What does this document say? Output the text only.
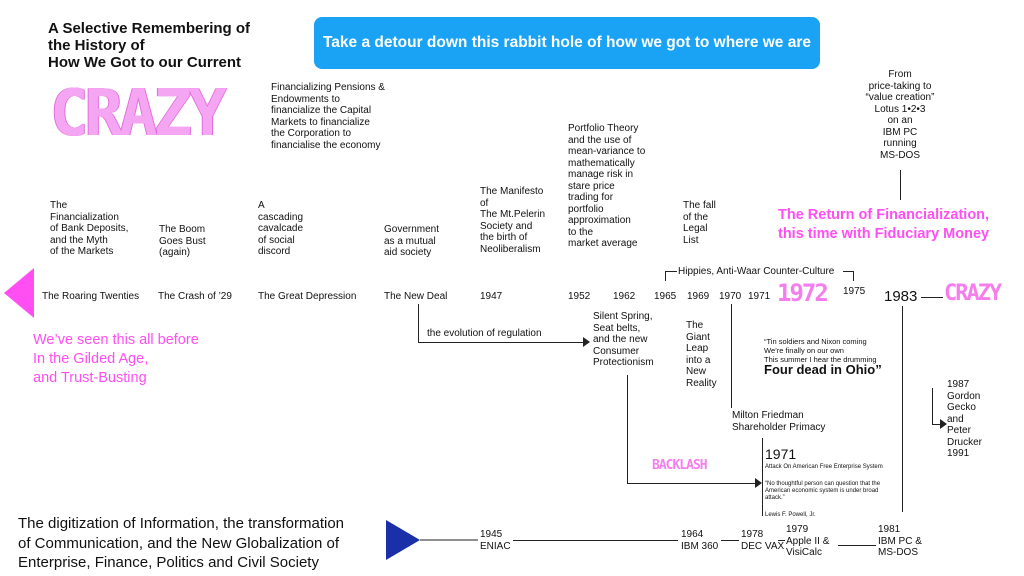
A Selective Remembering of
the History of
How We Got to our Current
CRAZY
Take a detour down this rabbit hole of how we got to where we are
Financializing Pensions &
Endowments to
financialize the Capital
Markets to financialize
the Corporation to
financialise the economy
The
Financialization
of Bank Deposits,
and the Myth
of the Markets
The Boom
Goes Bust
(again)
A
cascading
cavalcade
of social
discord
Government
as a mutual
aid society
The Manifesto
of
The Mt.Pelerin
Society and
the birth of
Neoliberalism
Portfolio Theory
and the use of
mean-variance to
mathematically
manage risk in
stare price
trading for
portfolio
approximation
to the
market average
The fall
of the
Legal
List
From
price-taking to
“value creation”
Lotus 1•2•3
on an
IBM PC
running
MS-DOS
The Return of Financialization,
this time with Fiduciary Money
The Roaring Twenties The Crash of ’29	The Great Depression	The New Deal	1947	1952 1962 1965 1969 1970 1971 1972 1975 1983 CRAZY
Hippies, Anti-Waar Counter-Culture
We’ve seen this all before
In the Gilded Age,
and Trust-Busting
the evolution of regulation
Silent Spring,
Seat belts,
and the new
Consumer
Protectionism
The
Giant
Leap
into a
New
Reality
BACKLASH
“Tin soldiers and Nixon coming
We’re finally on our own
This summer I hear the drumming
Four dead in Ohio”
Milton Friedman
Shareholder Primacy
1987
Gordon
Gecko
and
Peter
Drucker
1991
1971
Attack On American Free Enterprise System
“No thoughtful person can question that the
American economic system is under broad
attack.”
Lewis F. Powell, Jr.
The digitization of Information, the transformation
of Communication, and the New Globalization of
Enterprise, Finance, Politics and Civil Society
1945
ENIAC
1964
IBM 360
1978
DEC VAX
1979
Apple II &
VisiCalc
1981
IBM PC &
MS-DOS
